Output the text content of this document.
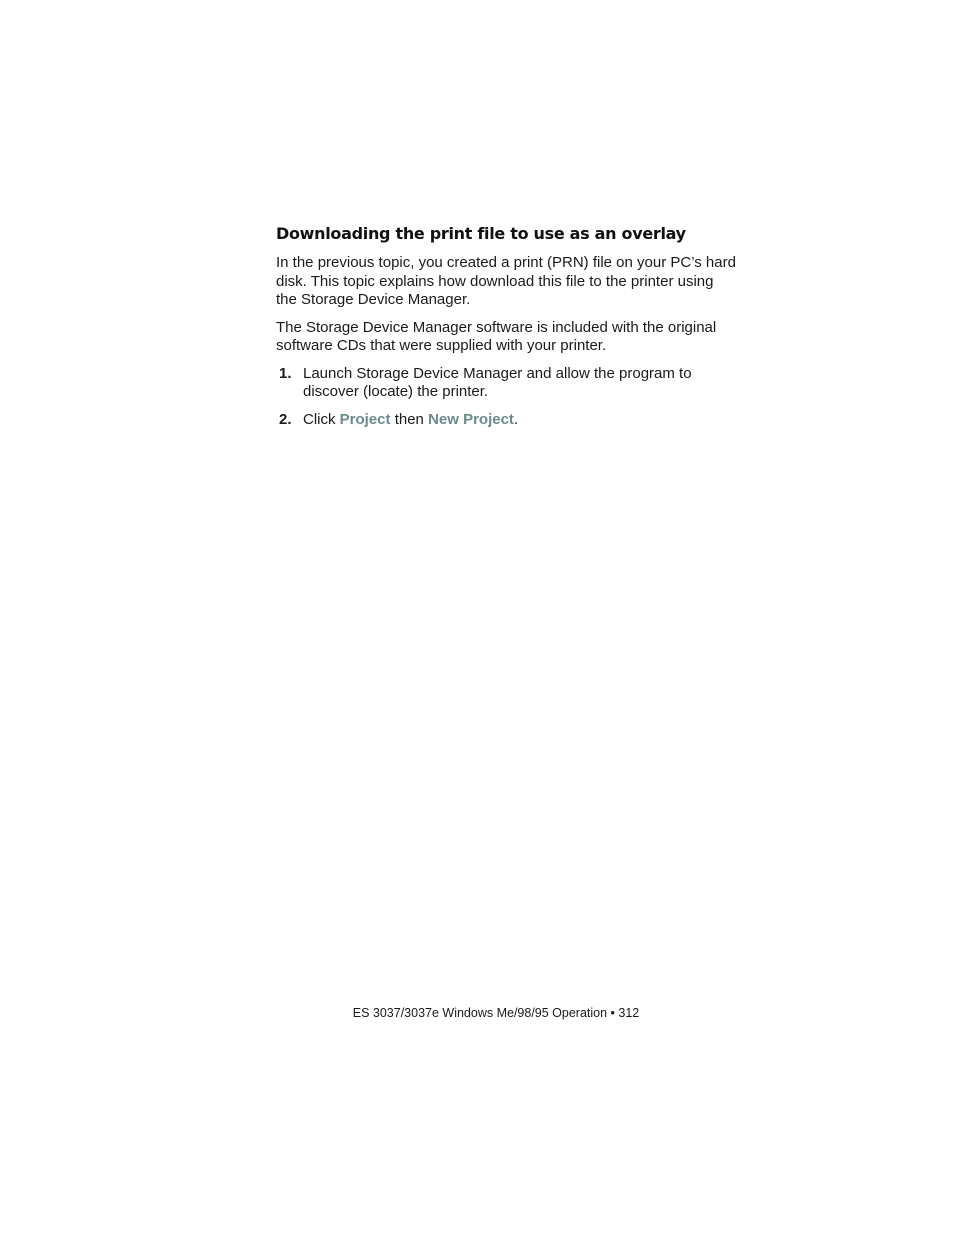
Downloading the print file to use as an overlay

In the previous topic, you created a print (PRN) file on your PC’s hard disk. This topic explains how download this file to the printer using the Storage Device Manager.

The Storage Device Manager software is included with the original software CDs that were supplied with your printer.

1. Launch Storage Device Manager and allow the program to discover (locate) the printer.
2. Click Project then New Project.
ES 3037/3037e Windows Me/98/95 Operation • 312
